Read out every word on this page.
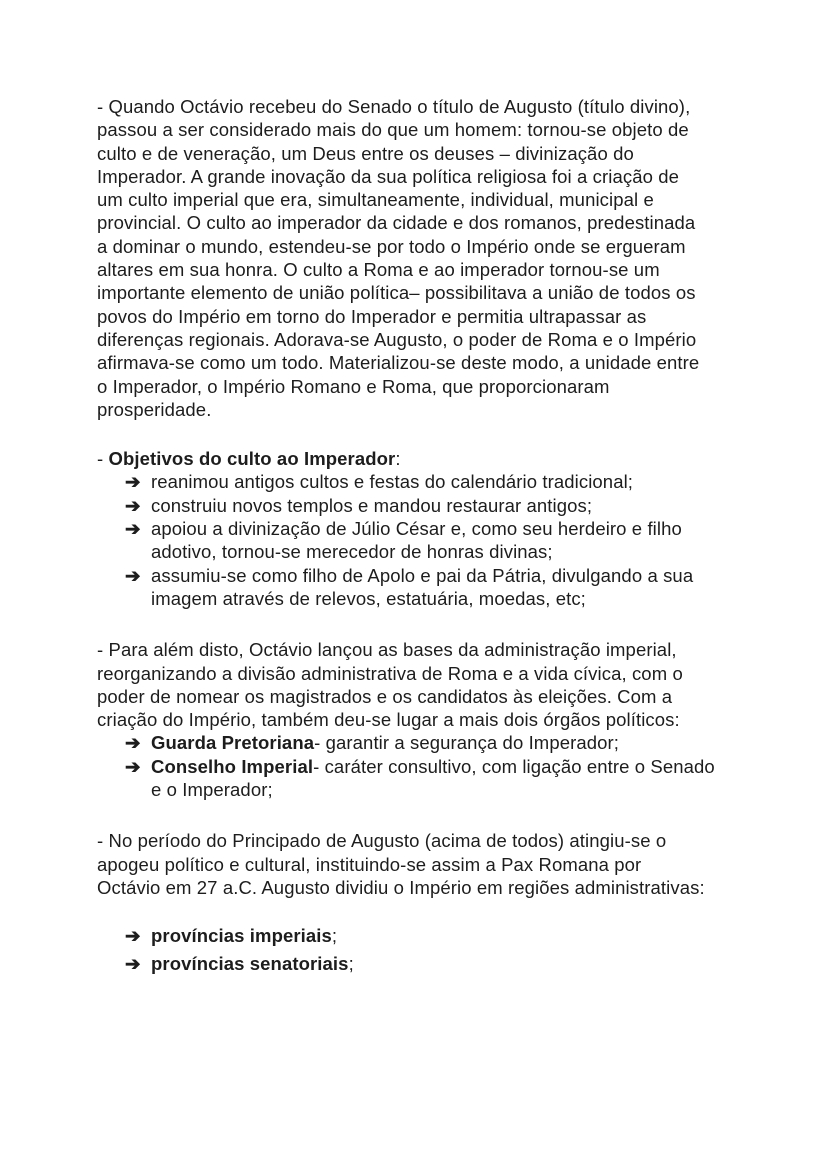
- Quando Octávio recebeu do Senado o título de Augusto (título divino),
passou a ser considerado mais do que um homem: tornou-se objeto de
culto e de veneração, um Deus entre os deuses – divinização do
Imperador. A grande inovação da sua política religiosa foi a criação de
um culto imperial que era, simultaneamente, individual, municipal e
provincial. O culto ao imperador da cidade e dos romanos, predestinada
a dominar o mundo, estendeu-se por todo o Império onde se ergueram
altares em sua honra. O culto a Roma e ao imperador tornou-se um
importante elemento de união política– possibilitava a união de todos os
povos do Império em torno do Imperador e permitia ultrapassar as
diferenças regionais. Adorava-se Augusto, o poder de Roma e o Império
afirmava-se como um todo. Materializou-se deste modo, a unidade entre
o Imperador, o Império Romano e Roma, que proporcionaram
prosperidade.
- Objetivos do culto ao Imperador:
➔ reanimou antigos cultos e festas do calendário tradicional;
➔ construiu novos templos e mandou restaurar antigos;
➔ apoiou a divinização de Júlio César e, como seu herdeiro e filho
adotivo, tornou-se merecedor de honras divinas;
➔ assumiu-se como filho de Apolo e pai da Pátria, divulgando a sua
imagem através de relevos, estatuária, moedas, etc;
- Para além disto, Octávio lançou as bases da administração imperial,
reorganizando a divisão administrativa de Roma e a vida cívica, com o
poder de nomear os magistrados e os candidatos às eleições. Com a
criação do Império, também deu-se lugar a mais dois órgãos políticos:
➔ Guarda Pretoriana- garantir a segurança do Imperador;
➔ Conselho Imperial- caráter consultivo, com ligação entre o Senado
e o Imperador;
- No período do Principado de Augusto (acima de todos) atingiu-se o
apogeu político e cultural, instituindo-se assim a Pax Romana por
Octávio em 27 a.C. Augusto dividiu o Império em regiões administrativas:
➔ províncias imperiais;
➔ províncias senatoriais;
